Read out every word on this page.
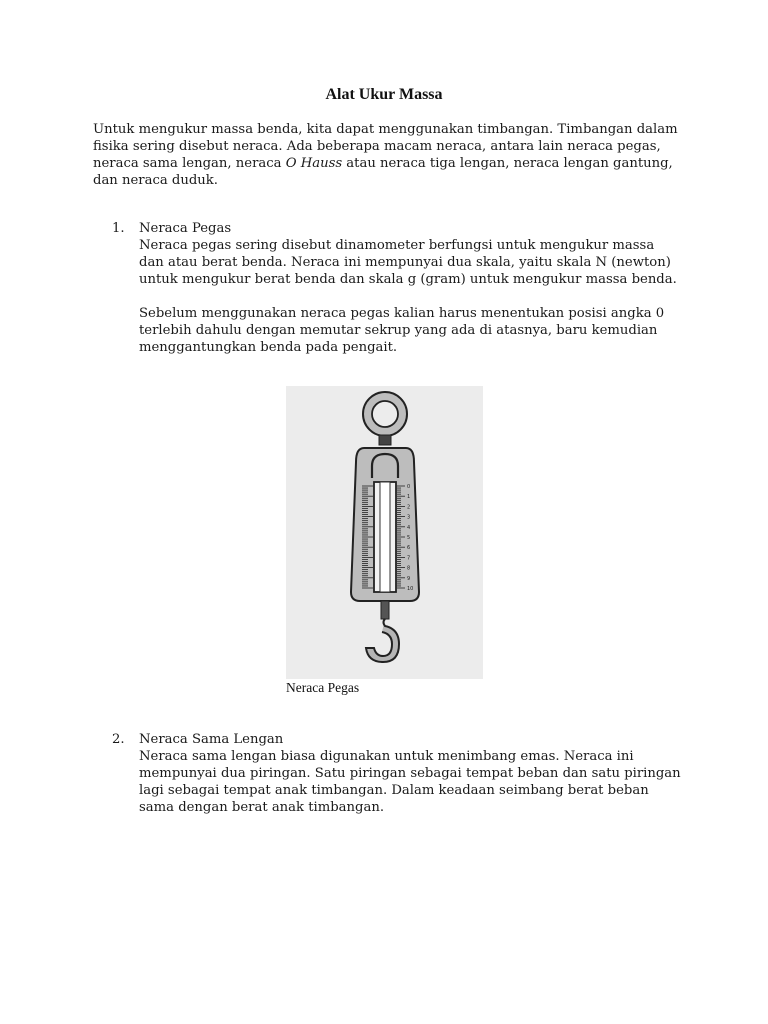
Alat Ukur Massa

Untuk mengukur massa benda, kita dapat menggunakan timbangan. Timbangan dalam fisika sering disebut neraca. Ada beberapa macam neraca, antara lain neraca pegas, neraca sama lengan, neraca O Hauss atau neraca tiga lengan, neraca lengan gantung, dan neraca duduk.

1.	Neraca Pegas

Neraca pegas sering disebut dinamometer berfungsi untuk mengukur massa dan atau berat benda. Neraca ini mempunyai dua skala, yaitu skala N (newton) untuk mengukur berat benda dan skala g (gram) untuk mengukur massa benda.

Sebelum menggunakan neraca pegas kalian harus menentukan posisi angka 0 terlebih dahulu dengan memutar sekrup yang ada di atasnya, baru kemudian menggantungkan benda pada pengait.

0
1
2
3
4
5
6
7
8
9
10
Neraca Pegas
2.	Neraca Sama Lengan

Neraca sama lengan biasa digunakan untuk menimbang emas. Neraca ini mempunyai dua piringan. Satu piringan sebagai tempat beban dan satu piringan lagi sebagai tempat anak timbangan. Dalam keadaan seimbang berat beban sama dengan berat anak timbangan.
